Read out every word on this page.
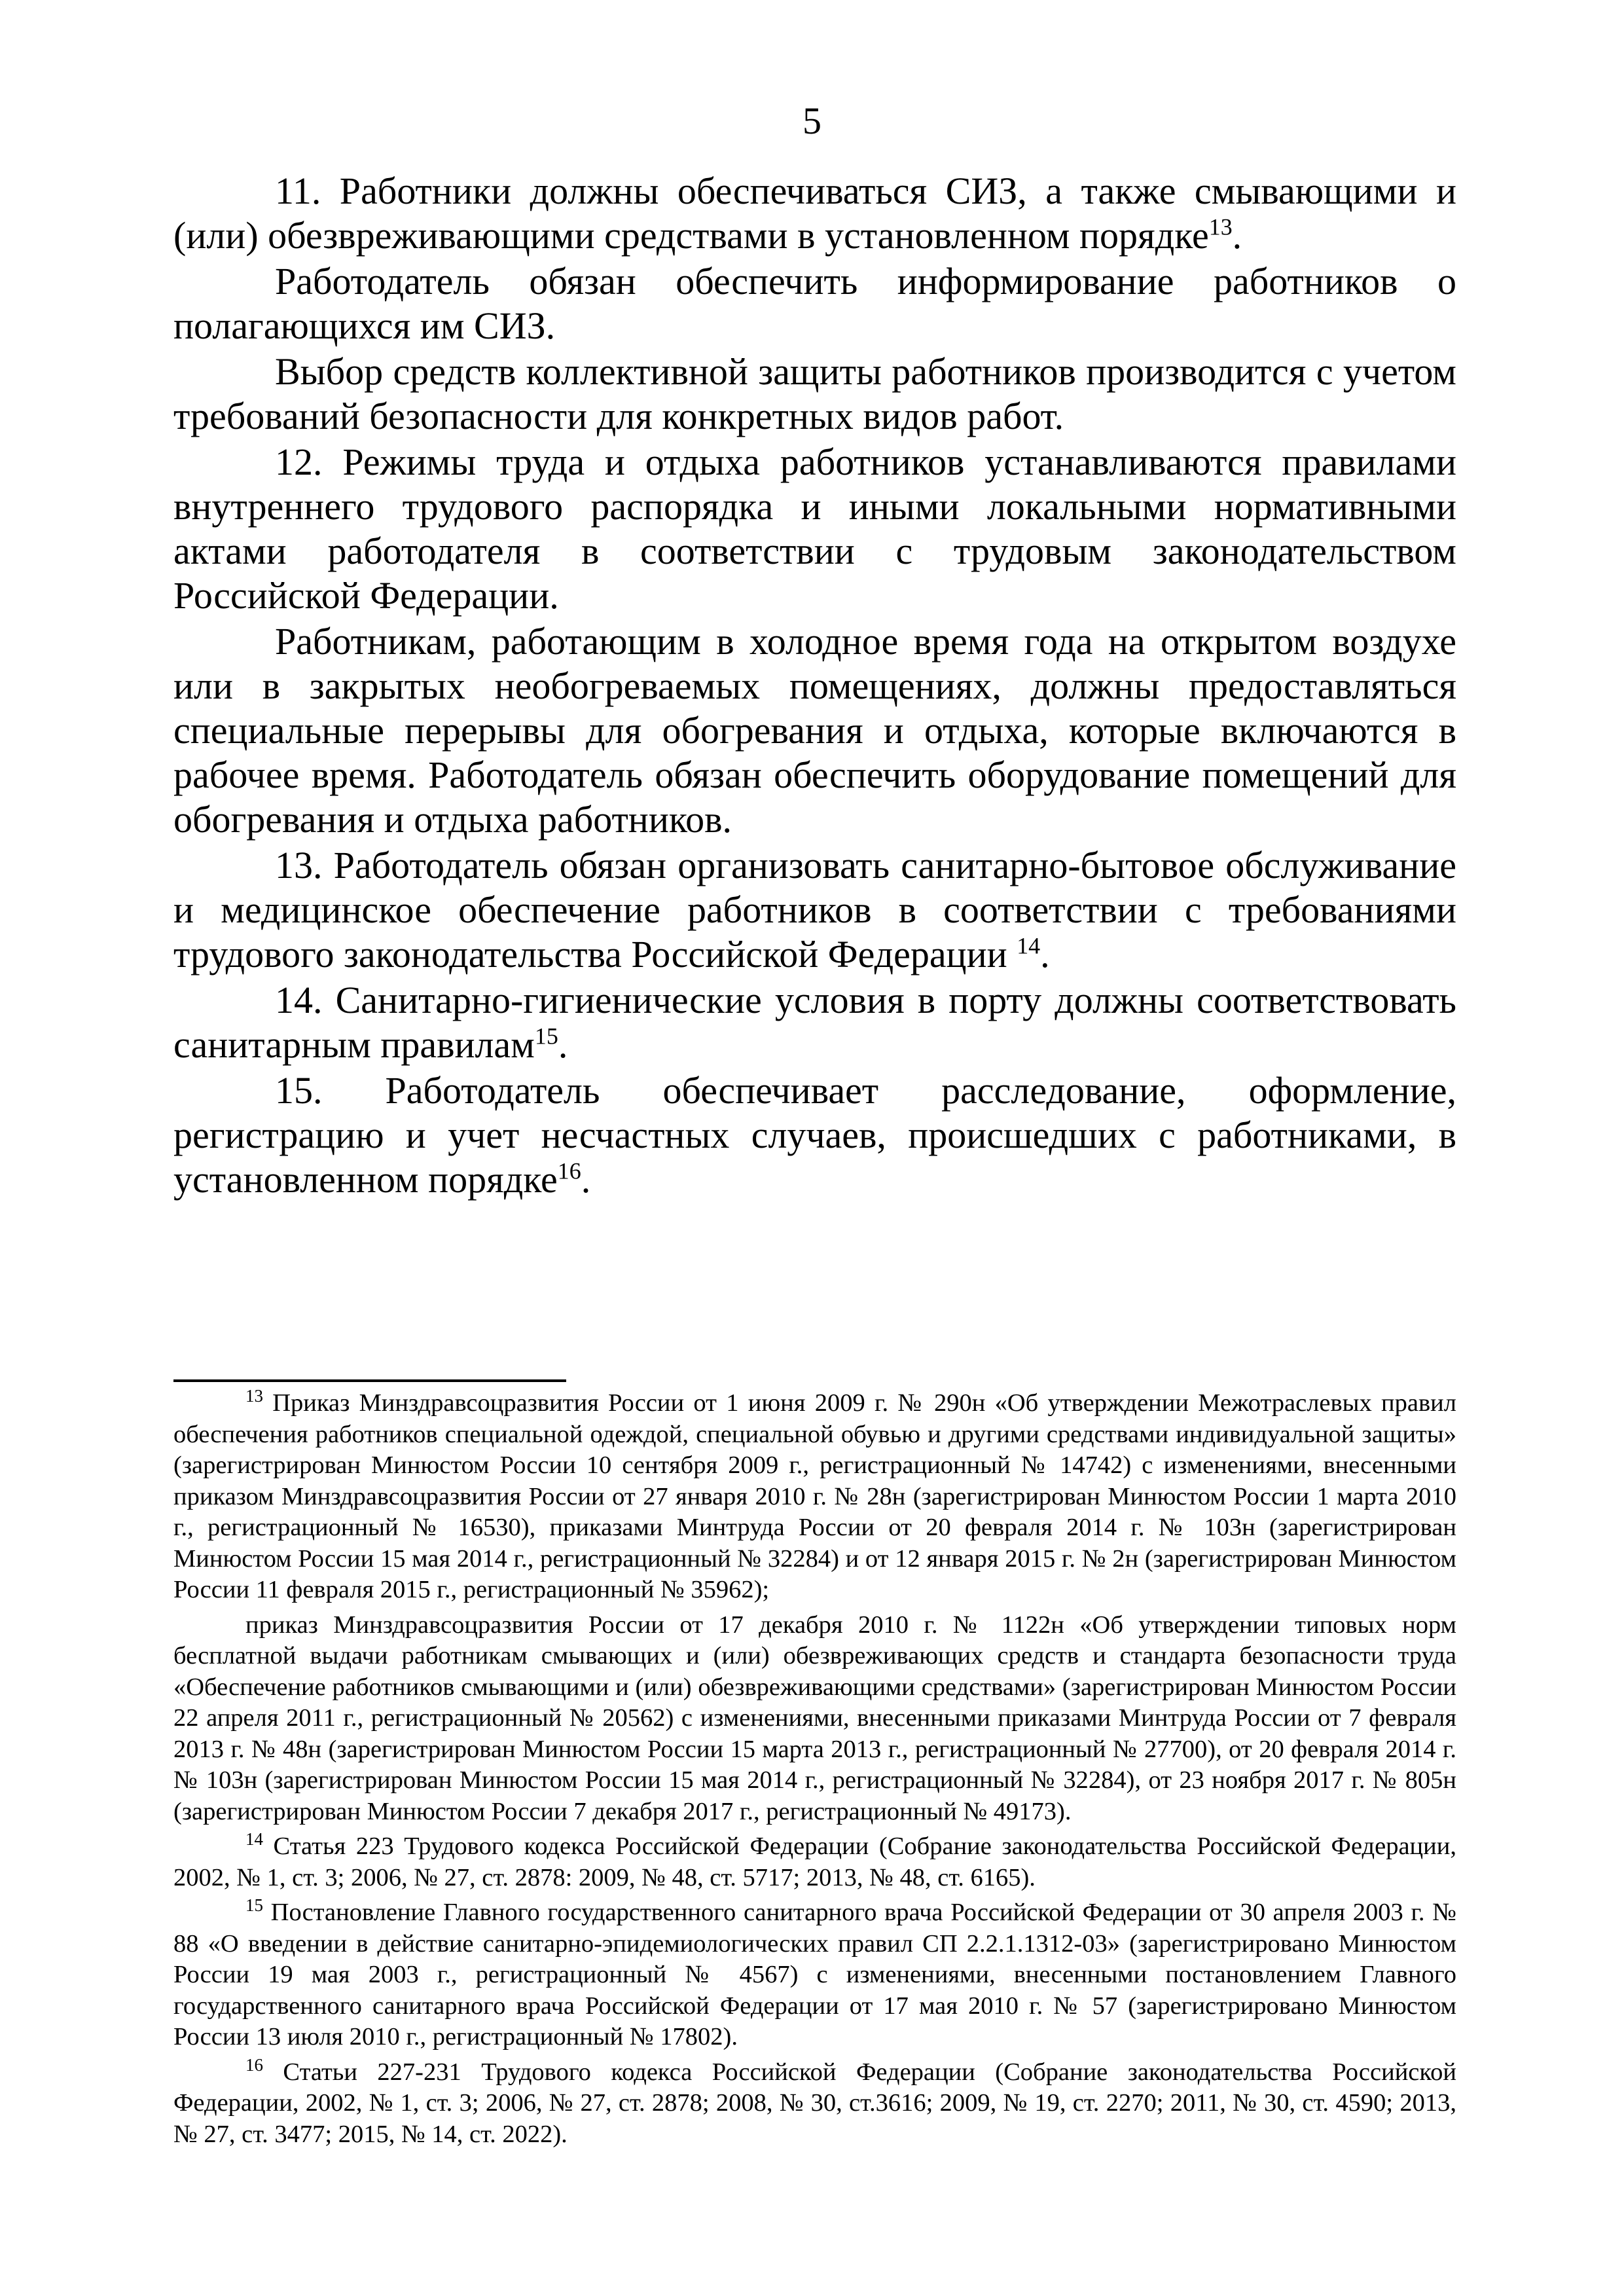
5

11. Работники должны обеспечиваться СИЗ, а также смывающими и (или) обезвреживающими средствами в установленном порядке$^{13}$.

Работодатель обязан обеспечить информирование работников о полагающихся им СИЗ.

Выбор средств коллективной защиты работников производится с учетом требований безопасности для конкретных видов работ.

12. Режимы труда и отдыха работников устанавливаются правилами внутреннего трудового распорядка и иными локальными нормативными актами работодателя в соответствии с трудовым законодательством Российской Федерации.

Работникам, работающим в холодное время года на открытом воздухе или в закрытых необогреваемых помещениях, должны предоставляться специальные перерывы для обогревания и отдыха, которые включаются в рабочее время. Работодатель обязан обеспечить оборудование помещений для обогревания и отдыха работников.

13. Работодатель обязан организовать санитарно-бытовое обслуживание и медицинское обеспечение работников в соответствии с требованиями трудового законодательства Российской Федерации $^{14}$.

14. Санитарно-гигиенические условия в порту должны соответствовать санитарным правилам$^{15}$.

15. Работодатель обеспечивает расследование, оформление, регистрацию и учет несчастных случаев, происшедших с работниками, в установленном порядке$^{16}$.

$^{13}$ Приказ Минздравсоцразвития России от 1 июня 2009 г. № 290н «Об утверждении Межотраслевых правил обеспечения работников специальной одеждой, специальной обувью и другими средствами индивидуальной защиты» (зарегистрирован Минюстом России 10 сентября 2009 г., регистрационный № 14742) с изменениями, внесенными приказом Минздравсоцразвития России от 27 января 2010 г. № 28н (зарегистрирован Минюстом России 1 марта 2010 г., регистрационный № 16530), приказами Минтруда России от 20 февраля 2014 г. № 103н (зарегистрирован Минюстом России 15 мая 2014 г., регистрационный № 32284) и от 12 января 2015 г. № 2н (зарегистрирован Минюстом России 11 февраля 2015 г., регистрационный № 35962);

приказ Минздравсоцразвития России от 17 декабря 2010 г. № 1122н «Об утверждении типовых норм бесплатной выдачи работникам смывающих и (или) обезвреживающих средств и стандарта безопасности труда «Обеспечение работников смывающими и (или) обезвреживающими средствами» (зарегистрирован Минюстом России 22 апреля 2011 г., регистрационный № 20562) с изменениями, внесенными приказами Минтруда России от 7 февраля 2013 г. № 48н (зарегистрирован Минюстом России 15 марта 2013 г., регистрационный № 27700), от 20 февраля 2014 г. № 103н (зарегистрирован Минюстом России 15 мая 2014 г., регистрационный № 32284), от 23 ноября 2017 г. № 805н (зарегистрирован Минюстом России 7 декабря 2017 г., регистрационный № 49173).

$^{14}$ Статья 223 Трудового кодекса Российской Федерации (Собрание законодательства Российской Федерации, 2002, № 1, ст. 3; 2006, № 27, ст. 2878: 2009, № 48, ст. 5717; 2013, № 48, ст. 6165).

$^{15}$ Постановление Главного государственного санитарного врача Российской Федерации от 30 апреля 2003 г. № 88 «О введении в действие санитарно-эпидемиологических правил СП 2.2.1.1312-03» (зарегистрировано Минюстом России 19 мая 2003 г., регистрационный № 4567) с изменениями, внесенными постановлением Главного государственного санитарного врача Российской Федерации от 17 мая 2010 г. № 57 (зарегистрировано Минюстом России 13 июля 2010 г., регистрационный № 17802).

$^{16}$ Статьи 227-231 Трудового кодекса Российской Федерации (Собрание законодательства Российской Федерации, 2002, № 1, ст. 3; 2006, № 27, ст. 2878; 2008, № 30, ст.3616; 2009, № 19, ст. 2270; 2011, № 30, ст. 4590; 2013, № 27, ст. 3477; 2015, № 14, ст. 2022).
